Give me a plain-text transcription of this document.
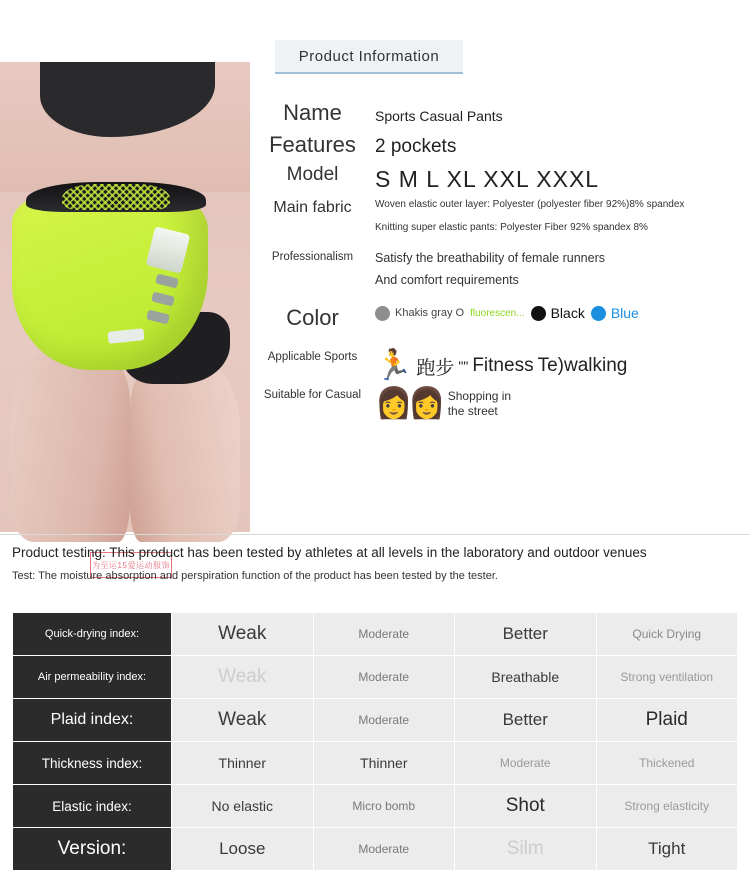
Product Information
为至运15爱运动服饰
Name	Sports Casual Pants
Features	2 pockets
Model	S M L XL XXL XXXL
Main fabric	Woven elastic outer layer: Polyester (polyester fiber 92%)8% spandex
Knitting super elastic pants: Polyester Fiber 92% spandex 8%
Professionalism	Satisfy the breathability of female runners
And comfort requirements
Color	Khakis gray O fluorescen... Black Blue
Applicable Sports 🏃 跑步 "" Fitness Te)walking
Suitable for Casual 👩👩 Shopping in the street
Product testing: This product has been tested by athletes at all levels in the laboratory and outdoor venues
Test: The moisture absorption and perspiration function of the product has been tested by the tester.
Quick-drying index:	Weak	Moderate	Better	Quick Drying
Air permeability index:	Weak	Moderate	Breathable	Strong ventilation
Plaid index:	Weak	Moderate	Better	Plaid
Thickness index:	Thinner	Thinner	Moderate	Thickened
Elastic index:	No elastic	Micro bomb	Shot	Strong elasticity
Version:	Loose	Moderate	Silm	Tight
